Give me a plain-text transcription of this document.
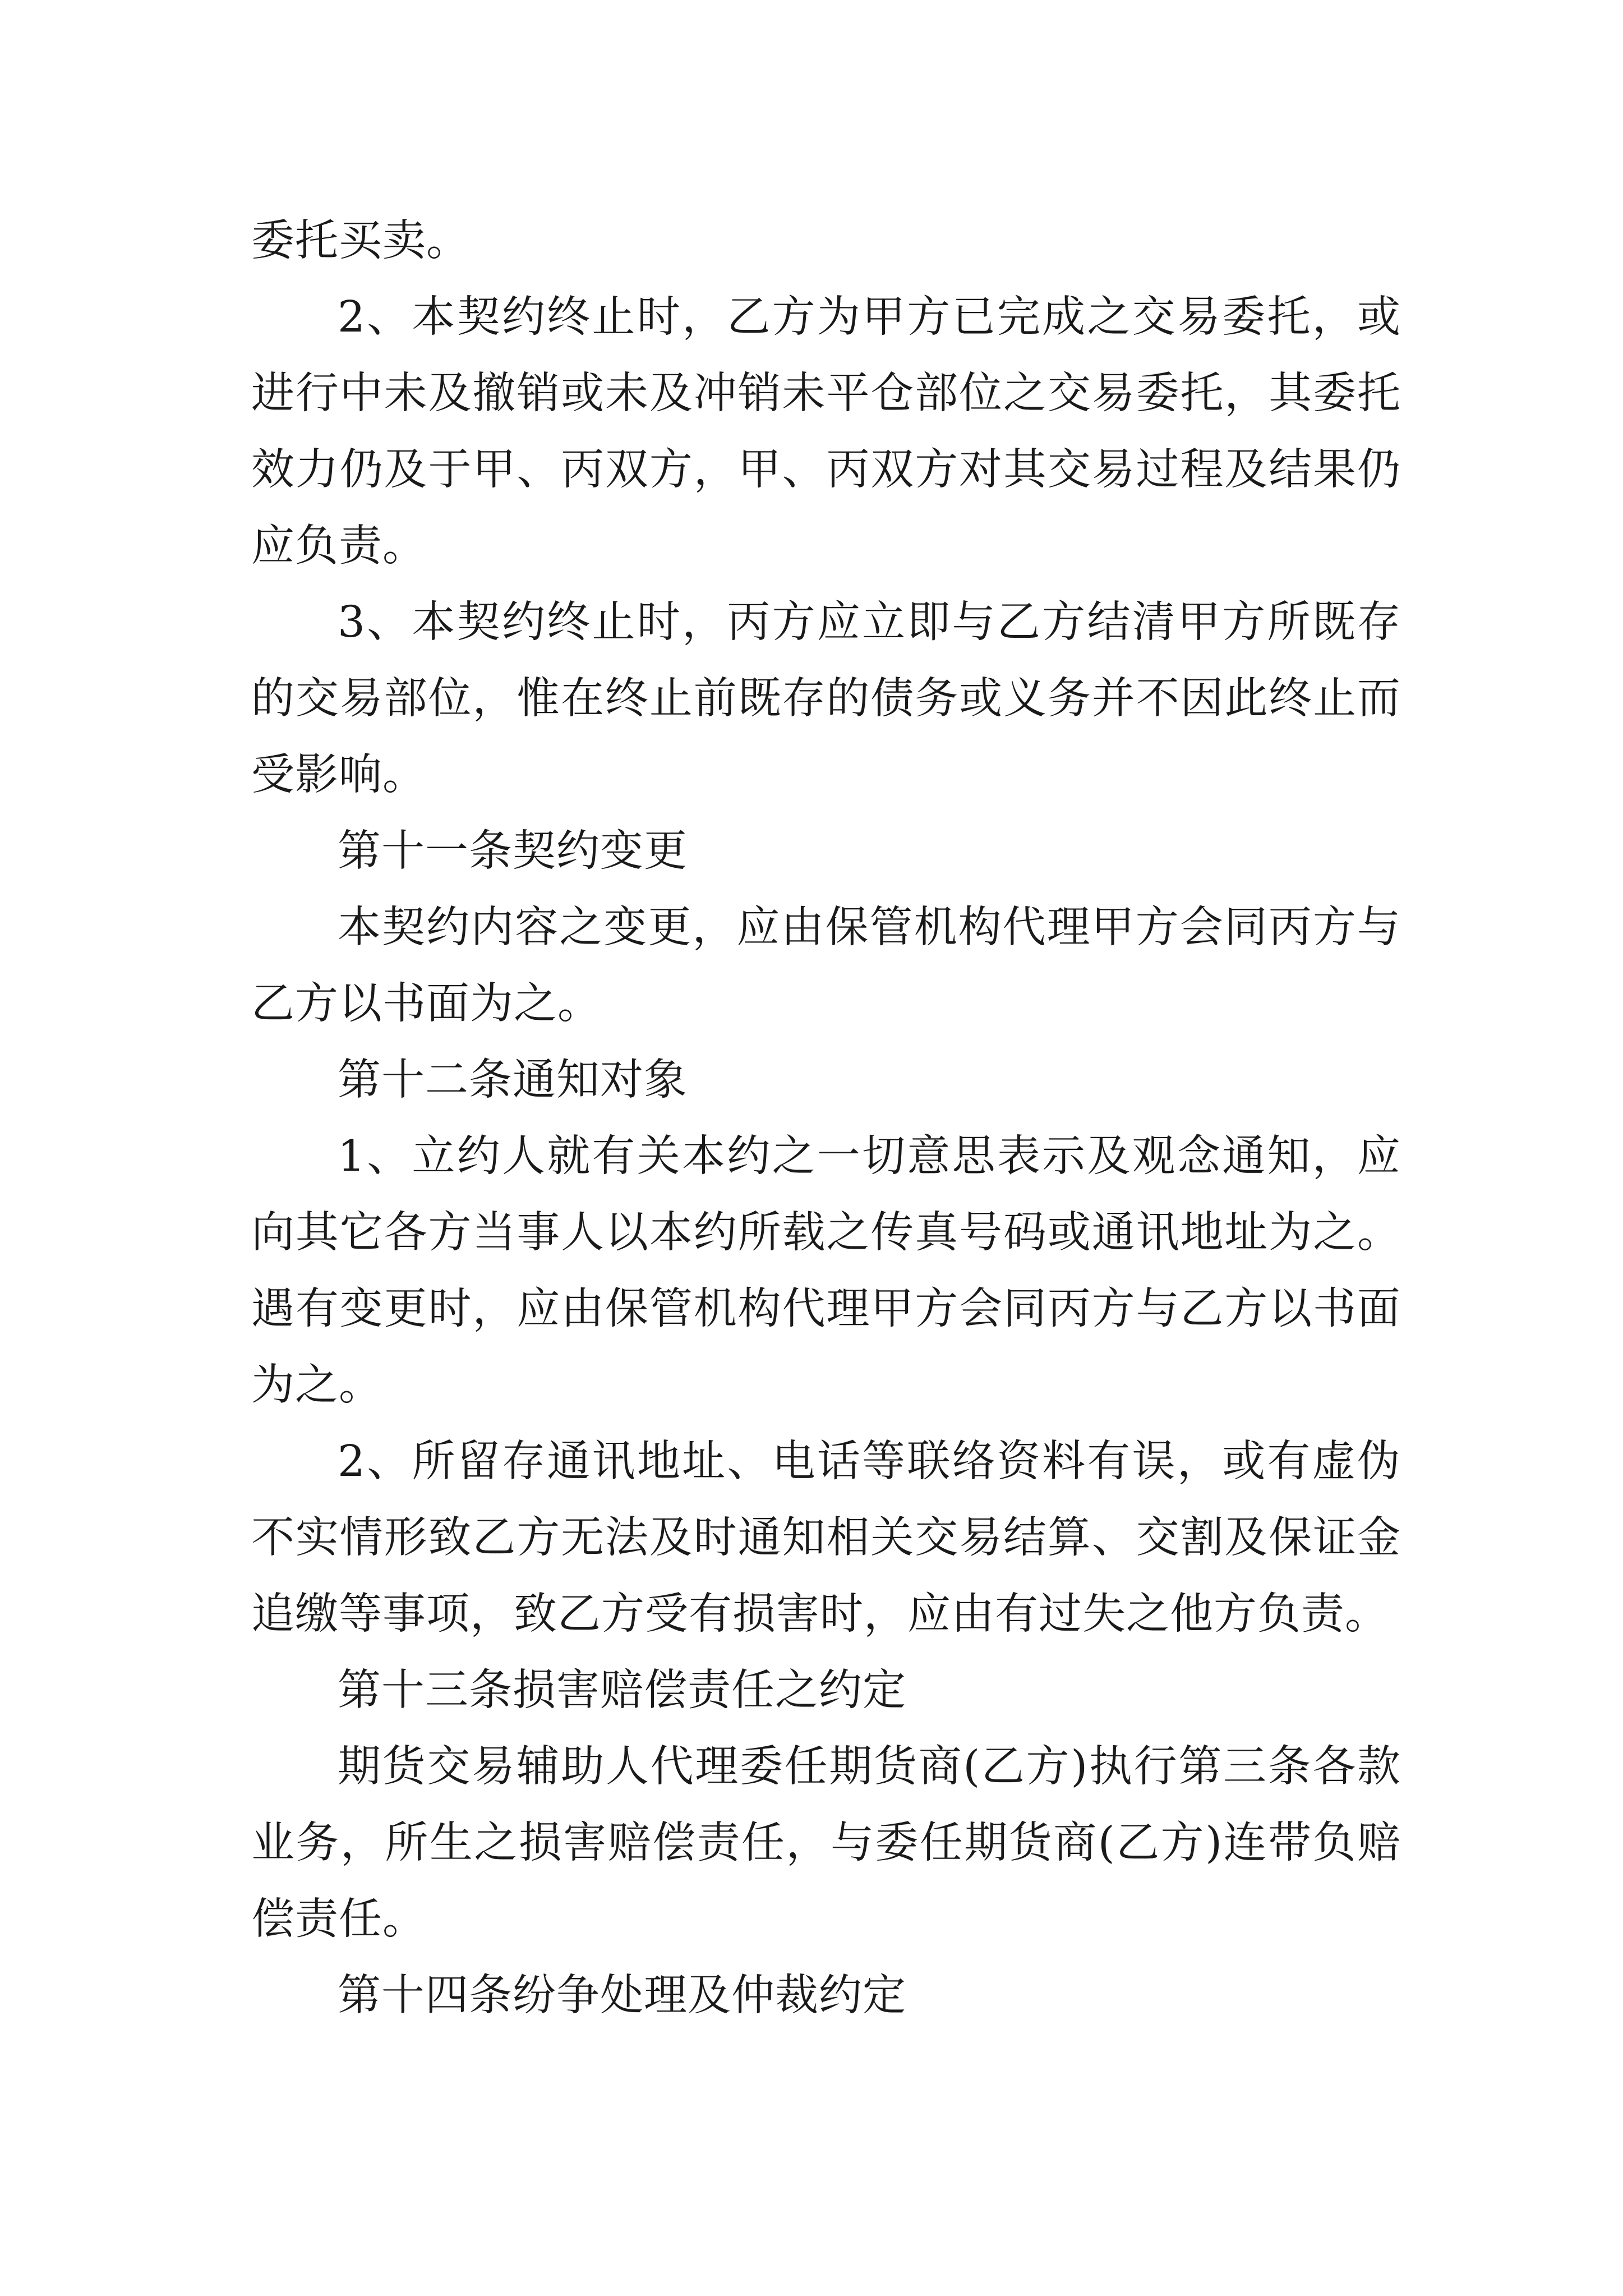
委托买卖。

2、本契约终止时，乙方为甲方已完成之交易委托，或进行中未及撤销或未及冲销未平仓部位之交易委托，其委托效力仍及于甲、丙双方，甲、丙双方对其交易过程及结果仍应负责。

3、本契约终止时，丙方应立即与乙方结清甲方所既存的交易部位，惟在终止前既存的债务或义务并不因此终止而受影响。

第十一条契约变更

本契约内容之变更，应由保管机构代理甲方会同丙方与乙方以书面为之。

第十二条通知对象

1、立约人就有关本约之一切意思表示及观念通知，应向其它各方当事人以本约所载之传真号码或通讯地址为之。遇有变更时，应由保管机构代理甲方会同丙方与乙方以书面为之。

2、所留存通讯地址、电话等联络资料有误，或有虚伪不实情形致乙方无法及时通知相关交易结算、交割及保证金追缴等事项，致乙方受有损害时，应由有过失之他方负责。

第十三条损害赔偿责任之约定

期货交易辅助人代理委任期货商(乙方)执行第三条各款业务，所生之损害赔偿责任，与委任期货商(乙方)连带负赔偿责任。

第十四条纷争处理及仲裁约定
